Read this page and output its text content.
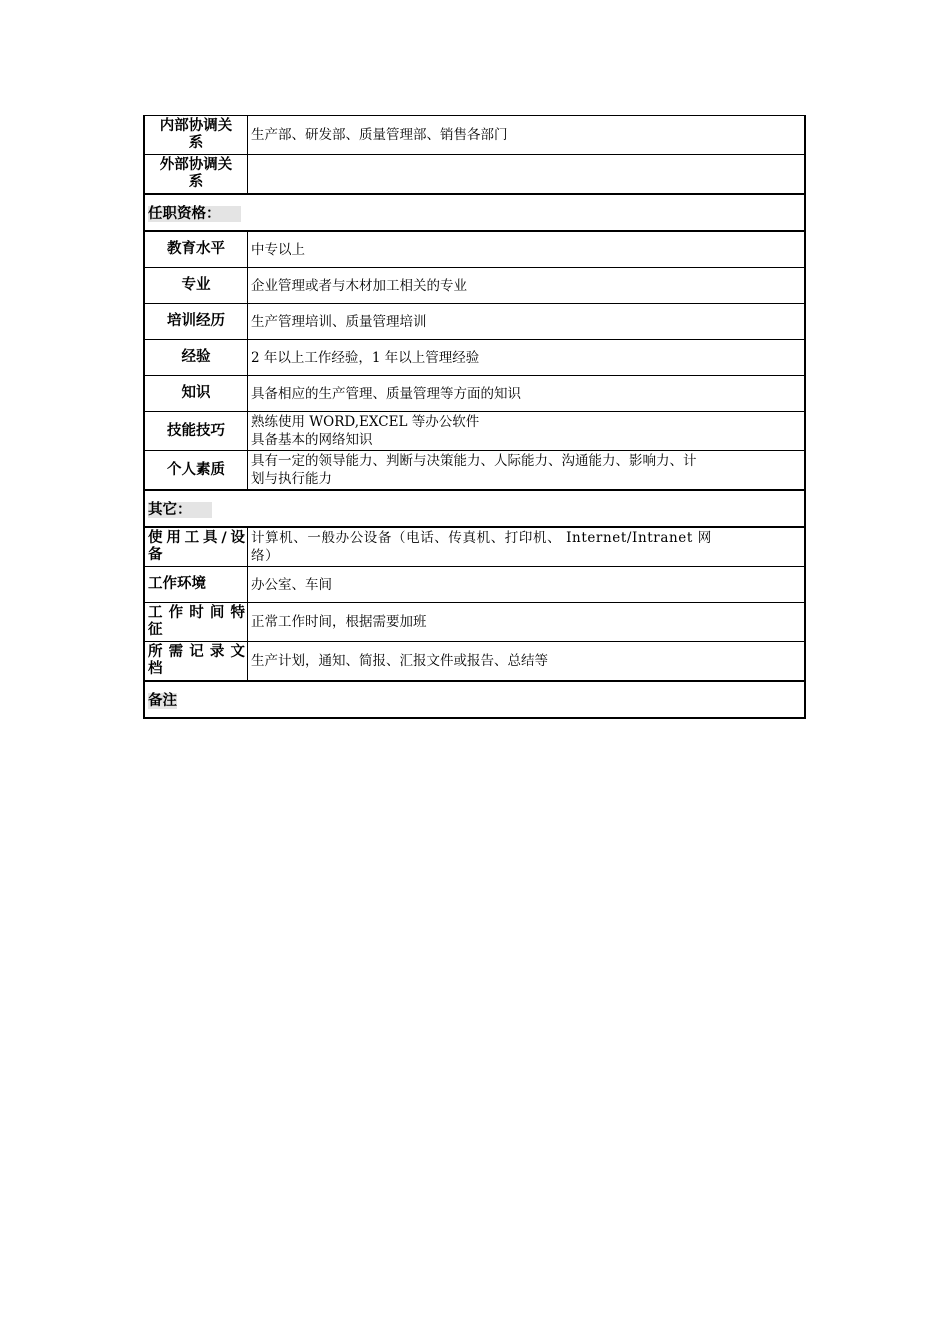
内部协调关
系	生产部、研发部、质量管理部、销售各部门

外部协调关
系	

任职资格：	
教育水平	中专以上
专业	企业管理或者与木材加工相关的专业
培训经历	生产管理培训、质量管理培训
经验	2 年以上工作经验，1 年以上管理经验
知识	具备相应的生产管理、质量管理等方面的知识
技能技巧	熟练使用 WORD,EXCEL 等办公软件
具备基本的网络知识

个人素质	具有一定的领导能力、判断与决策能力、人际能力、沟通能力、影响力、计
划与执行能力

其它：	

使用工具/设
备	计算机、一般办公设备（电话、传真机、打印机、 Internet/Intranet 网
络）

工作环境	办公室、车间

工 作 时 间 特
征	正常工作时间，根据需要加班

所 需 记 录 文
档	生产计划，通知、简报、汇报文件或报告、总结等
备注	
